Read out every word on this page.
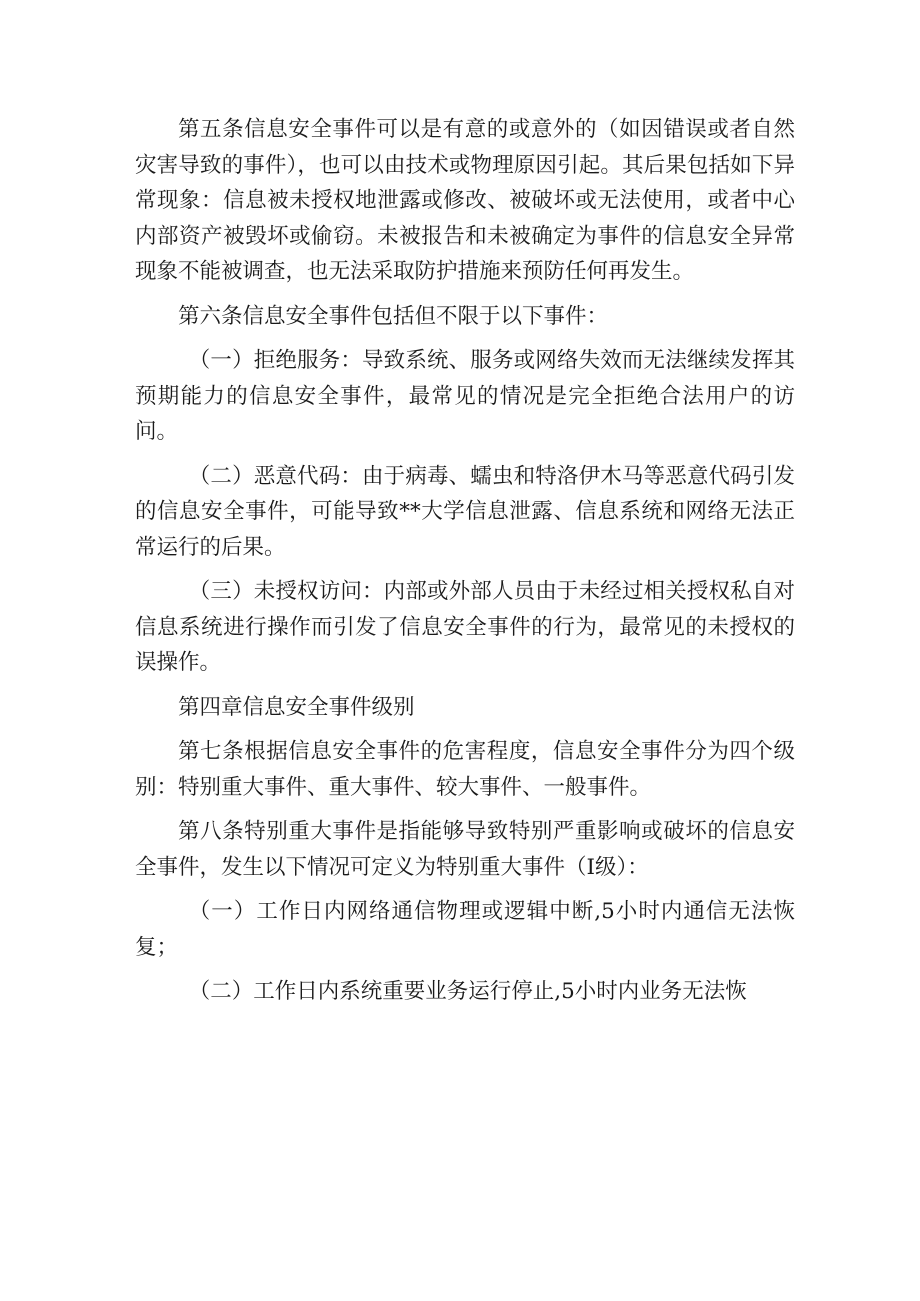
第五条信息安全事件可以是有意的或意外的（如因错误或者自然灾害导致的事件），也可以由技术或物理原因引起。其后果包括如下异常现象：信息被未授权地泄露或修改、被破坏或无法使用，或者中心内部资产被毁坏或偷窃。未被报告和未被确定为事件的信息安全异常现象不能被调查，也无法采取防护措施来预防任何再发生。

第六条信息安全事件包括但不限于以下事件：

（一）拒绝服务：导致系统、服务或网络失效而无法继续发挥其预期能力的信息安全事件，最常见的情况是完全拒绝合法用户的访问。

（二）恶意代码：由于病毒、蠕虫和特洛伊木马等恶意代码引发的信息安全事件，可能导致**大学信息泄露、信息系统和网络无法正常运行的后果。

（三）未授权访问：内部或外部人员由于未经过相关授权私自对信息系统进行操作而引发了信息安全事件的行为，最常见的未授权的误操作。

第四章信息安全事件级别

第七条根据信息安全事件的危害程度，信息安全事件分为四个级别：特别重大事件、重大事件、较大事件、一般事件。

第八条特别重大事件是指能够导致特别严重影响或破坏的信息安全事件，发生以下情况可定义为特别重大事件（I级）：

（一）工作日内网络通信物理或逻辑中断,5小时内通信无法恢复；

（二）工作日内系统重要业务运行停止,5小时内业务无法恢
